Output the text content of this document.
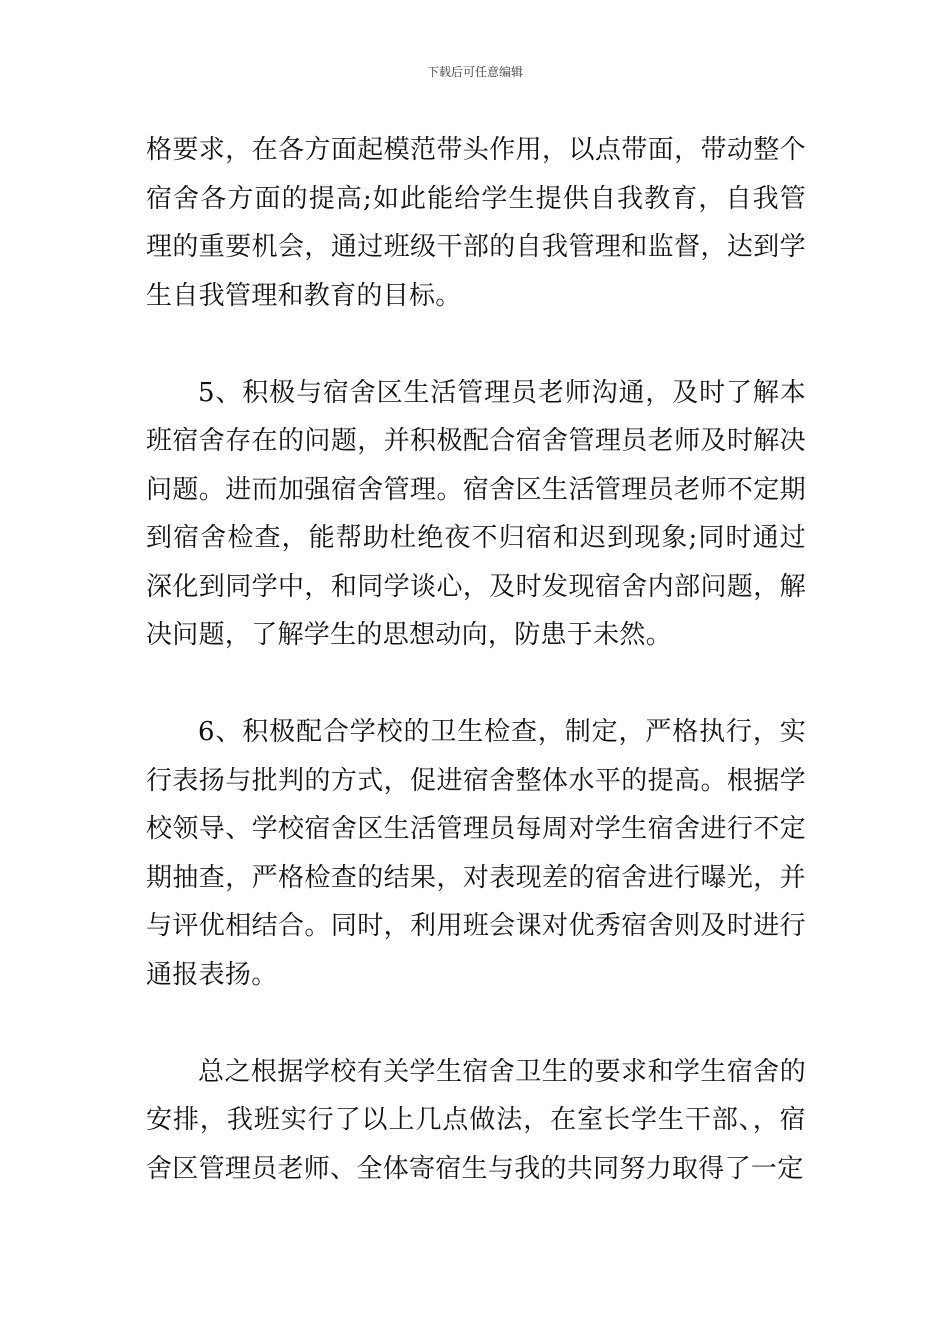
下载后可任意编辑

格要求，在各方面起模范带头作用，以点带面，带动整个宿舍各方面的提高;如此能给学生提供自我教育，自我管理的重要机会，通过班级干部的自我管理和监督，达到学生自我管理和教育的目标。

5、积极与宿舍区生活管理员老师沟通，及时了解本班宿舍存在的问题，并积极配合宿舍管理员老师及时解决问题。进而加强宿舍管理。宿舍区生活管理员老师不定期到宿舍检查，能帮助杜绝夜不归宿和迟到现象;同时通过深化到同学中，和同学谈心，及时发现宿舍内部问题，解决问题，了解学生的思想动向，防患于未然。

6、积极配合学校的卫生检查，制定，严格执行，实行表扬与批判的方式，促进宿舍整体水平的提高。根据学校领导、学校宿舍区生活管理员每周对学生宿舍进行不定期抽查，严格检查的结果，对表现差的宿舍进行曝光，并与评优相结合。同时，利用班会课对优秀宿舍则及时进行通报表扬。

总之根据学校有关学生宿舍卫生的要求和学生宿舍的安排，我班实行了以上几点做法，在室长学生干部、，宿舍区管理员老师、全体寄宿生与我的共同努力取得了一定
